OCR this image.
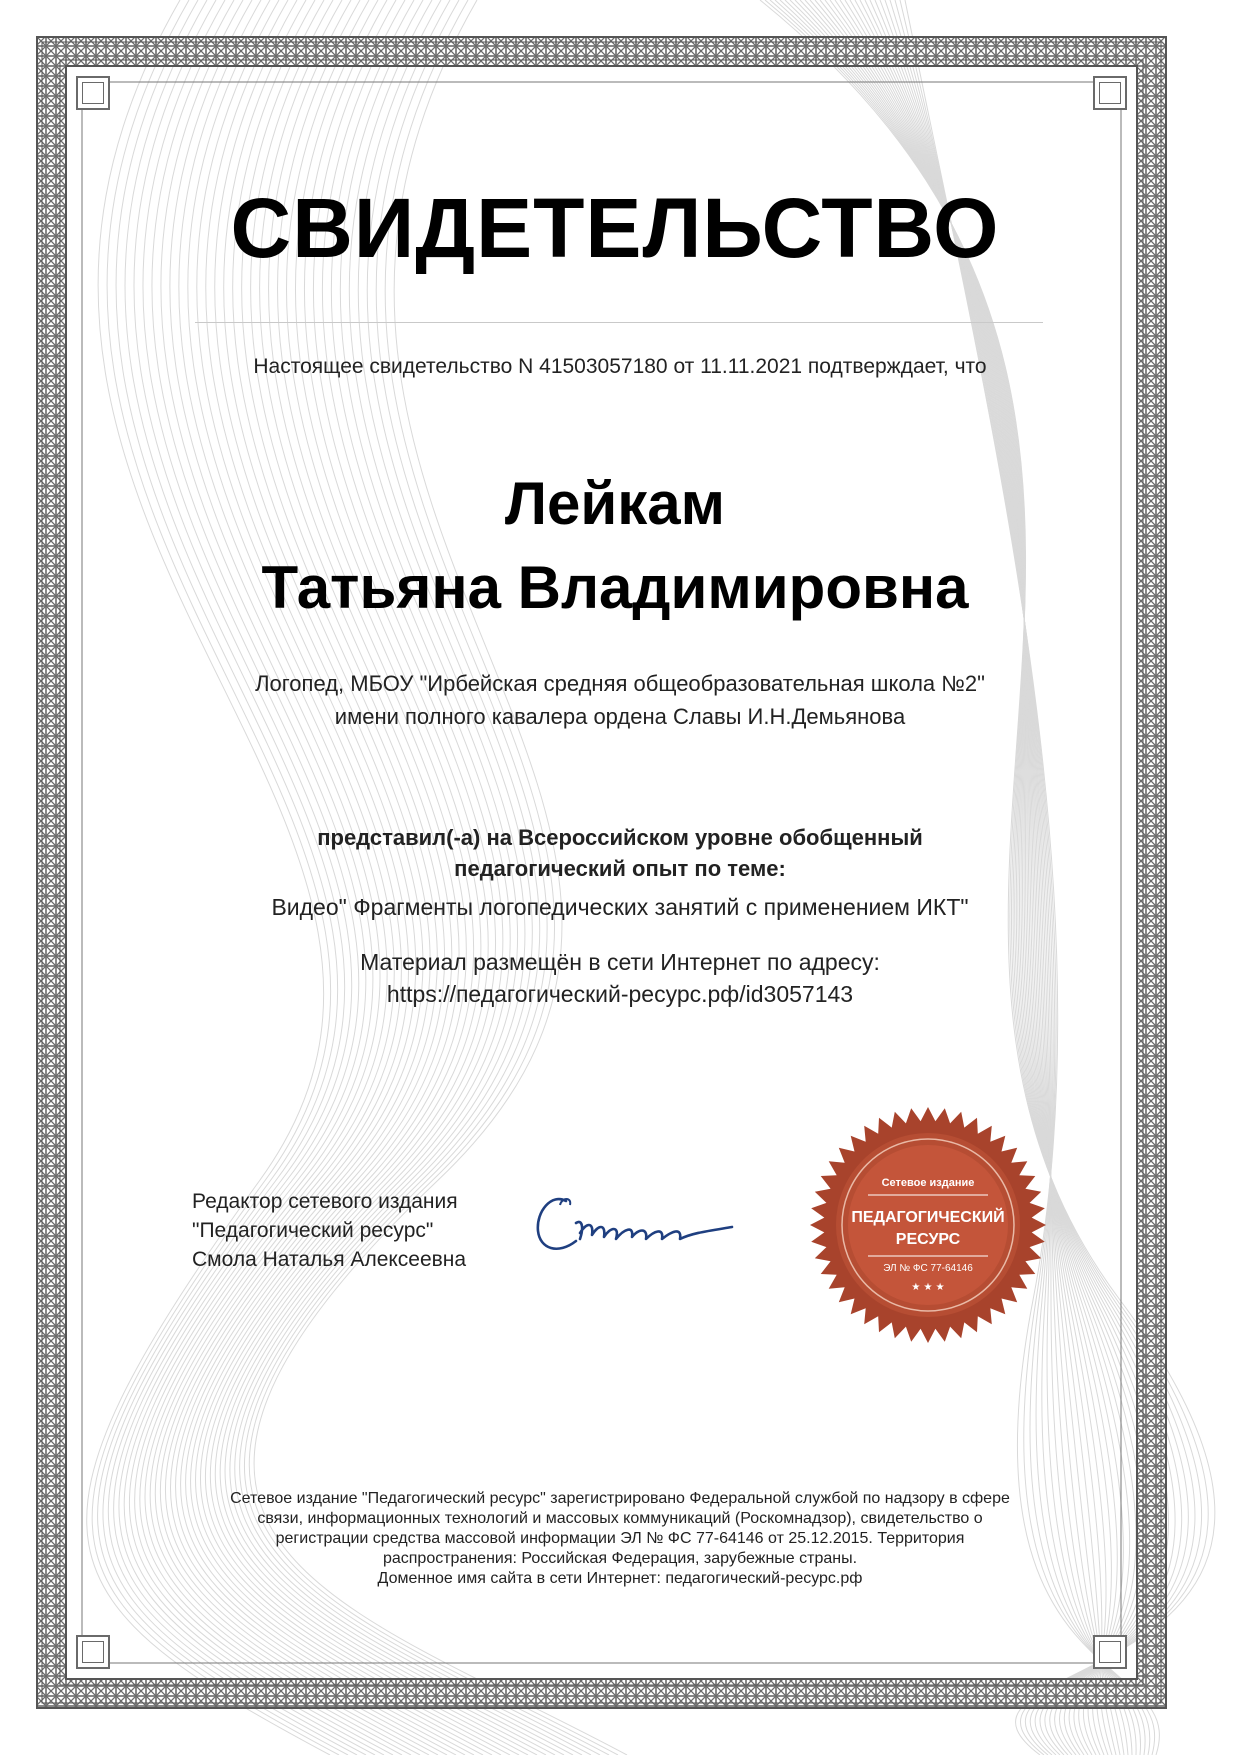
СВИДЕТЕЛЬСТВО
Настоящее свидетельство N 41503057180 от 11.11.2021 подтверждает, что
Лейкам
Татьяна Владимировна
Логопед, МБОУ "Ирбейская средняя общеобразовательная школа №2"
имени полного кавалера ордена Славы И.Н.Демьянова
представил(-а) на Всероссийском уровне обобщенный
педагогический опыт по теме:
Видео" Фрагменты логопедических занятий с применением ИКТ"
Материал размещён в сети Интернет по адресу:
https://педагогический-ресурс.рф/id3057143
Редактор сетевого издания
"Педагогический ресурс"
Смола Наталья Алексеевна
Сетевое издание
ПЕДАГОГИЧЕСКИЙ
РЕСУРС
ЭЛ № ФС 77-64146
★ ★ ★
Сетевое издание "Педагогический ресурс" зарегистрировано Федеральной службой по надзору в сфере
связи, информационных технологий и массовых коммуникаций (Роскомнадзор), свидетельство о
регистрации средства массовой информации ЭЛ № ФС 77-64146 от 25.12.2015. Территория
распространения: Российская Федерация, зарубежные страны.
Доменное имя сайта в сети Интернет: педагогический-ресурс.рф
